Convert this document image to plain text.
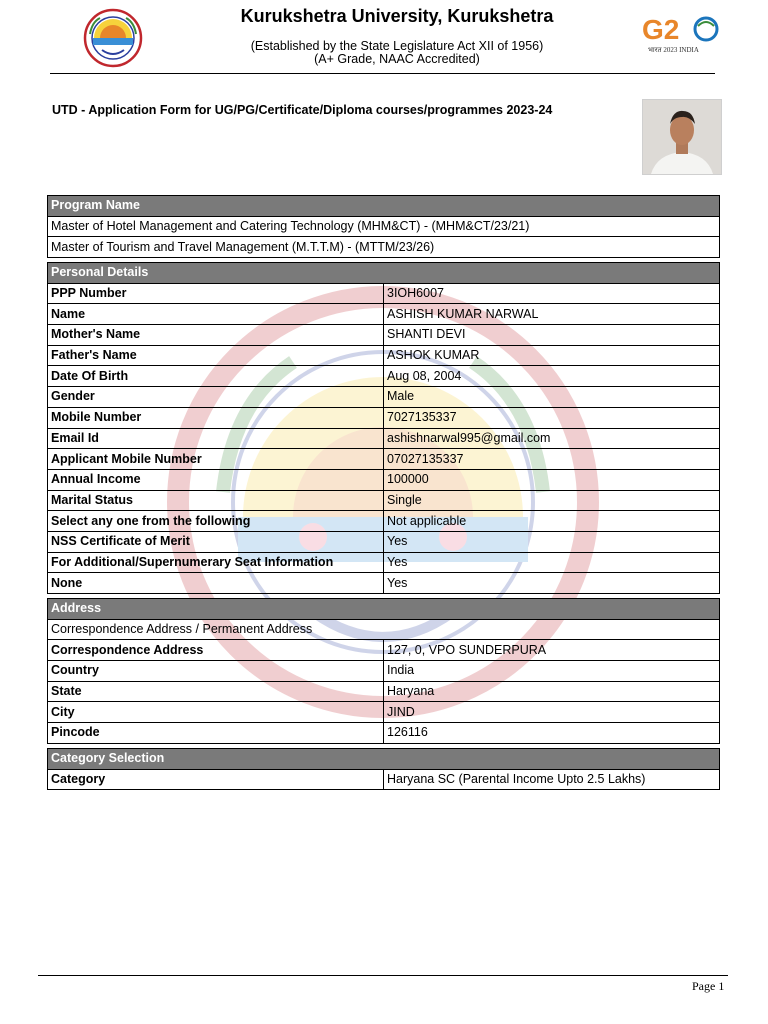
Kurukshetra University, Kurukshetra
(Established by the State Legislature Act XII of 1956)
(A+ Grade, NAAC Accredited)
G2
भारत 2023 INDIA
UTD - Application Form for UG/PG/Certificate/Diploma courses/programmes 2023-24
Program Name
Master of Hotel Management and Catering Technology (MHM&CT) - (MHM&CT/23/21)
Master of Tourism and Travel Management (M.T.T.M) - (MTTM/23/26)
Personal Details	
PPP Number	3IOH6007
Name	ASHISH KUMAR NARWAL
Mother's Name	SHANTI DEVI
Father's Name	ASHOK KUMAR
Date Of Birth	Aug 08, 2004
Gender	Male
Mobile Number	7027135337
Email Id	ashishnarwal995@gmail.com
Applicant Mobile Number	07027135337
Annual Income	100000
Marital Status	Single
Select any one from the following	Not applicable
NSS Certificate of Merit	Yes
For Additional/Supernumerary Seat Information	Yes
None	Yes
Address	
Correspondence Address / Permanent Address	
Correspondence Address	127, 0, VPO SUNDERPURA
Country	India
State	Haryana
City	JIND
Pincode	126116
Category Selection
Category	Haryana SC (Parental Income Upto 2.5 Lakhs)
Page 1
